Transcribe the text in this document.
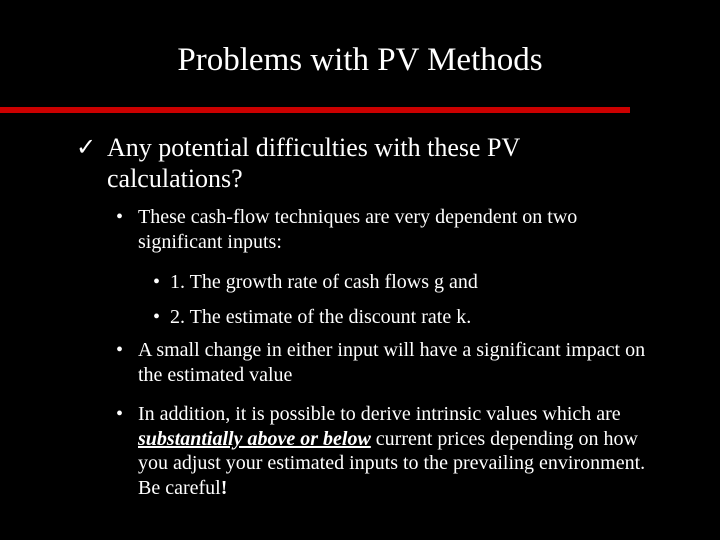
Problems with PV Methods
✓ Any potential difficulties with these PV calculations?
• These cash-flow techniques are very dependent on two significant inputs:
• 1. The growth rate of cash flows g and
• 2. The estimate of the discount rate k.
• A small change in either input will have a significant impact on the estimated value
• In addition, it is possible to derive intrinsic values which are substantially above or below current prices depending on how you adjust your estimated inputs to the prevailing environment. Be careful!
